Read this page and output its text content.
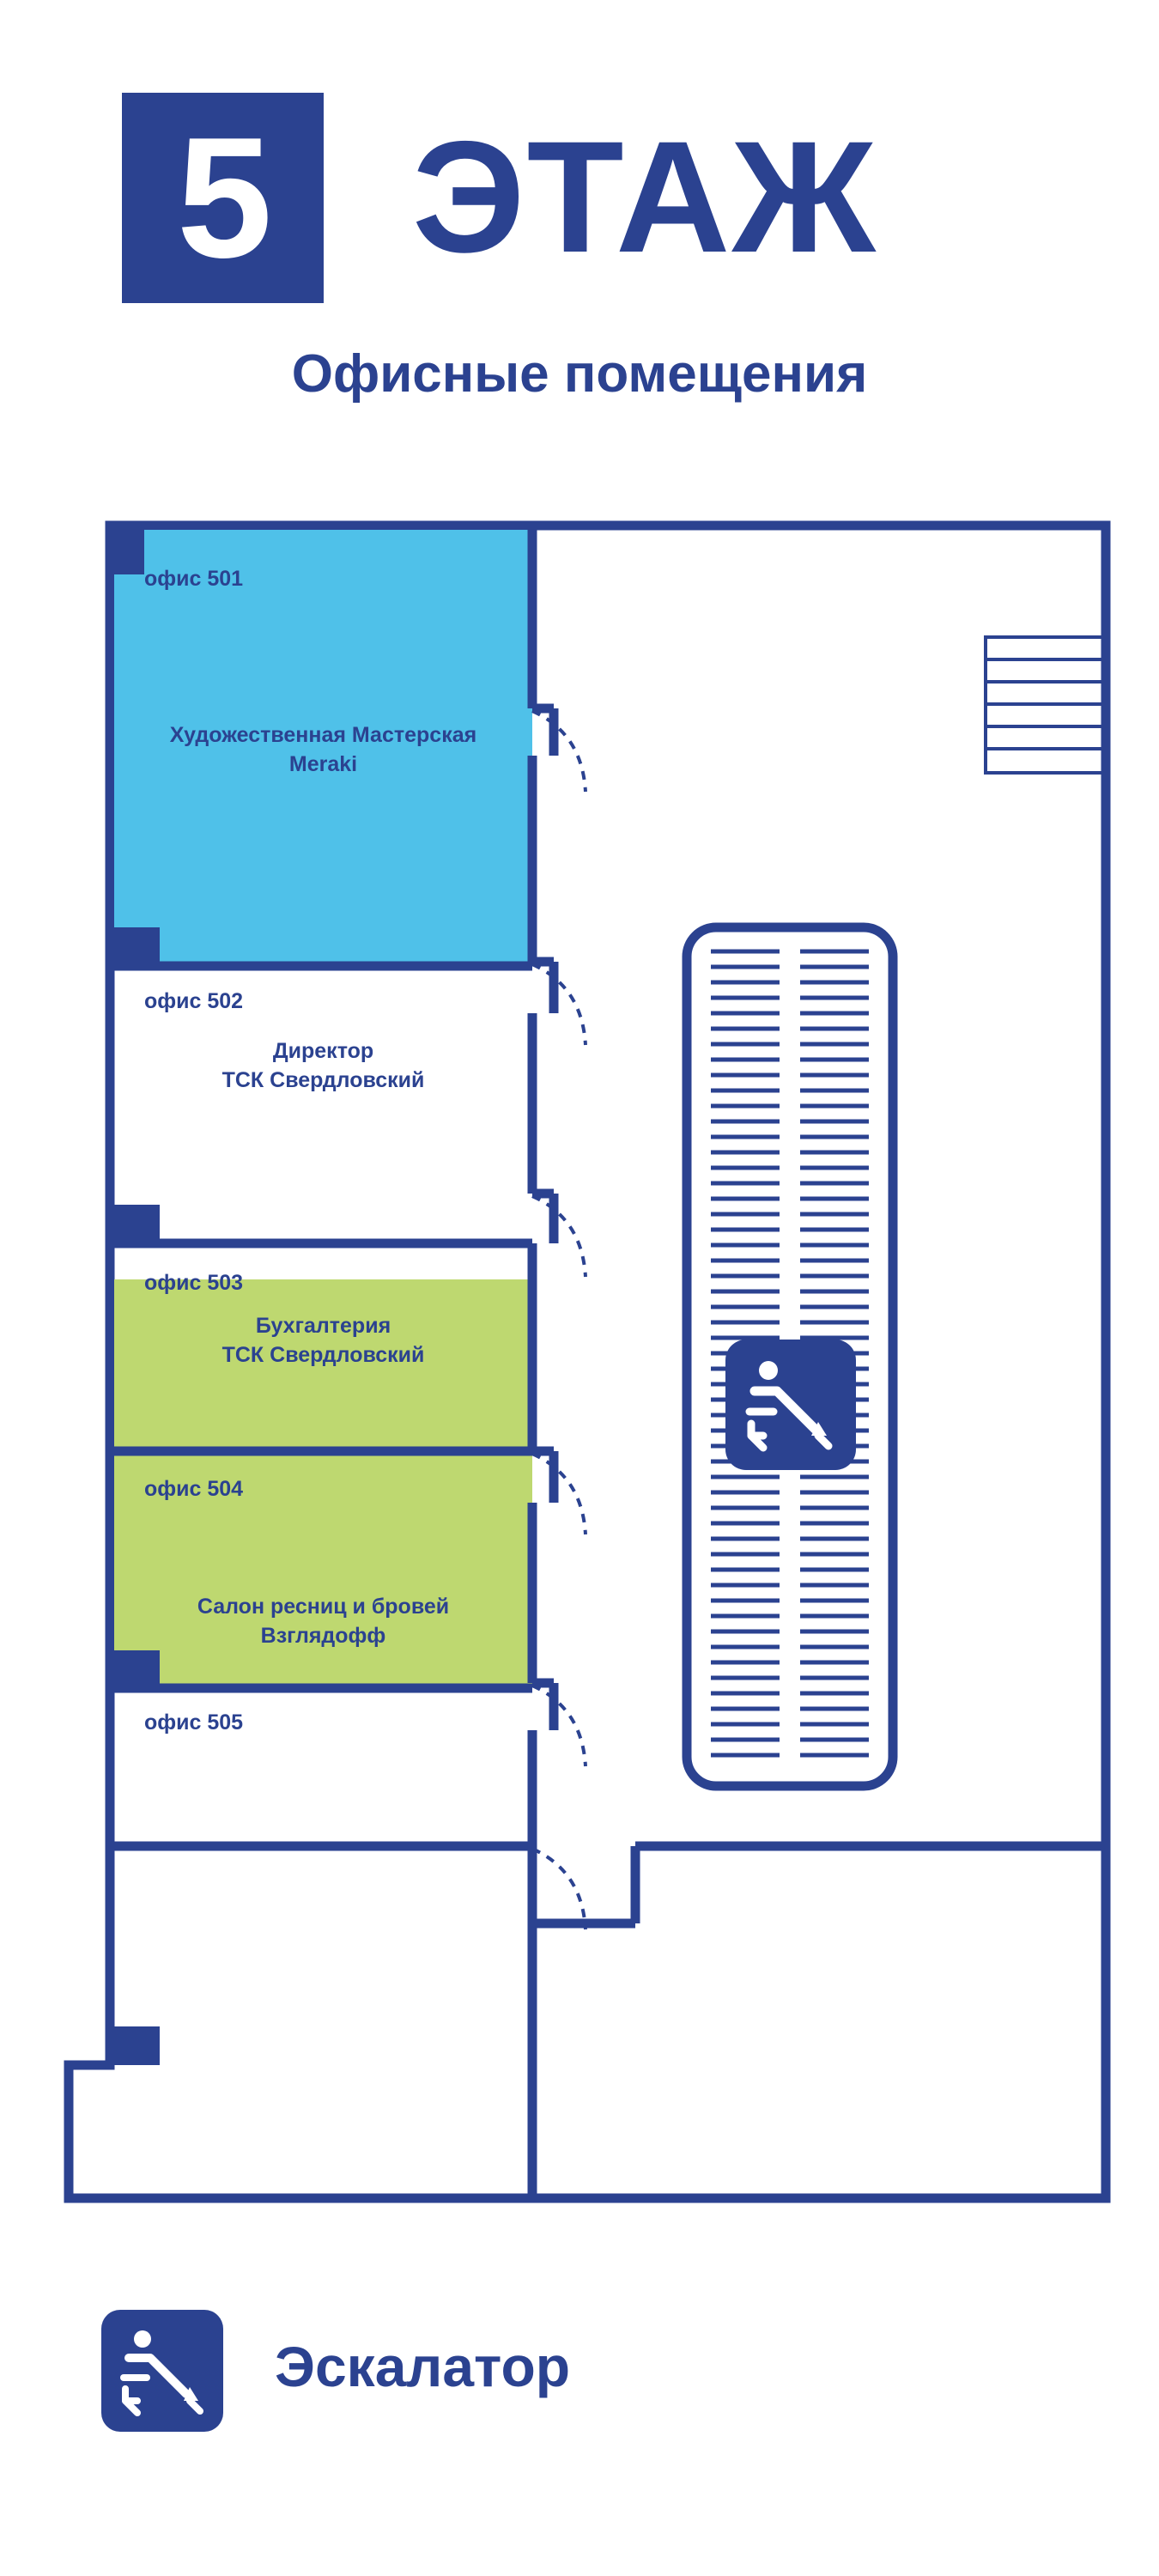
5 ЭТАЖ
Офисные помещения
офис 501
Художественная Мастерская
Meraki
офис 502
Директор
ТСК Свердловский
офис 503
Бухгалтерия
ТСК Свердловский
офис 504
Салон ресниц и бровей
Взглядофф
офис 505
Эскалатор
